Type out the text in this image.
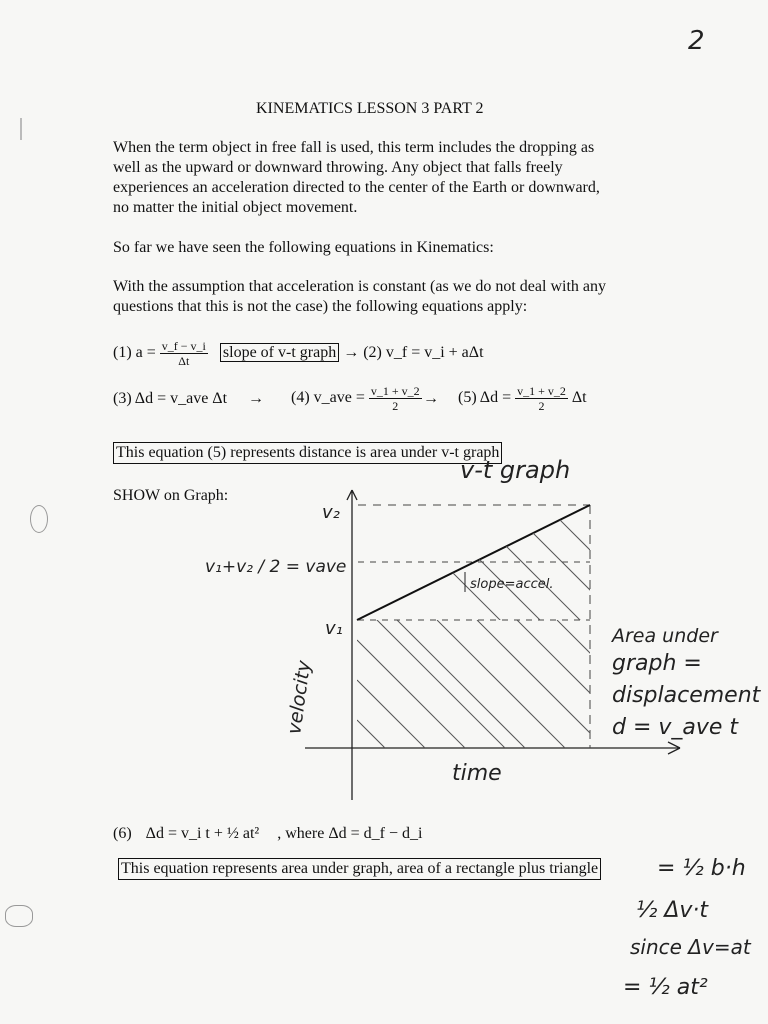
2
KINEMATICS LESSON 3 PART 2
When the term object in free fall is used, this term includes the dropping as
well as the upward or downward throwing. Any object that falls freely
experiences an acceleration directed to the center of the Earth or downward,
no matter the initial object movement.
So far we have seen the following equations in Kinematics:
With the assumption that acceleration is constant (as we do not deal with any
questions that this is not the case) the following equations apply:
(1) $a = \frac{v\_f - v\_i}{\Delta t}$ slope of v-t graph → (2) v_f = v_i + aΔt
(3) Δd = v_ave Δt → (4) v_ave = $\frac{v\_1 + v\_2}{2} \to (5) \Delta d = \frac{v\_1 + v\_2}{2}$ Δt
This equation (5) represents distance is area under v-t graph
SHOW on Graph:
v-t graph
v₂
v₁
v₁+v₂ / 2 = vave
slope=accel.
velocity
time
Area under
graph =
displacement
d = v_ave t
(6) Δd = v_i t + ½ at² , where Δd = d_f − d_i
This equation represents area under graph, area of a rectangle plus triangle	= ½ b·h
½ Δv·t
since Δv=at
= ½ at²
